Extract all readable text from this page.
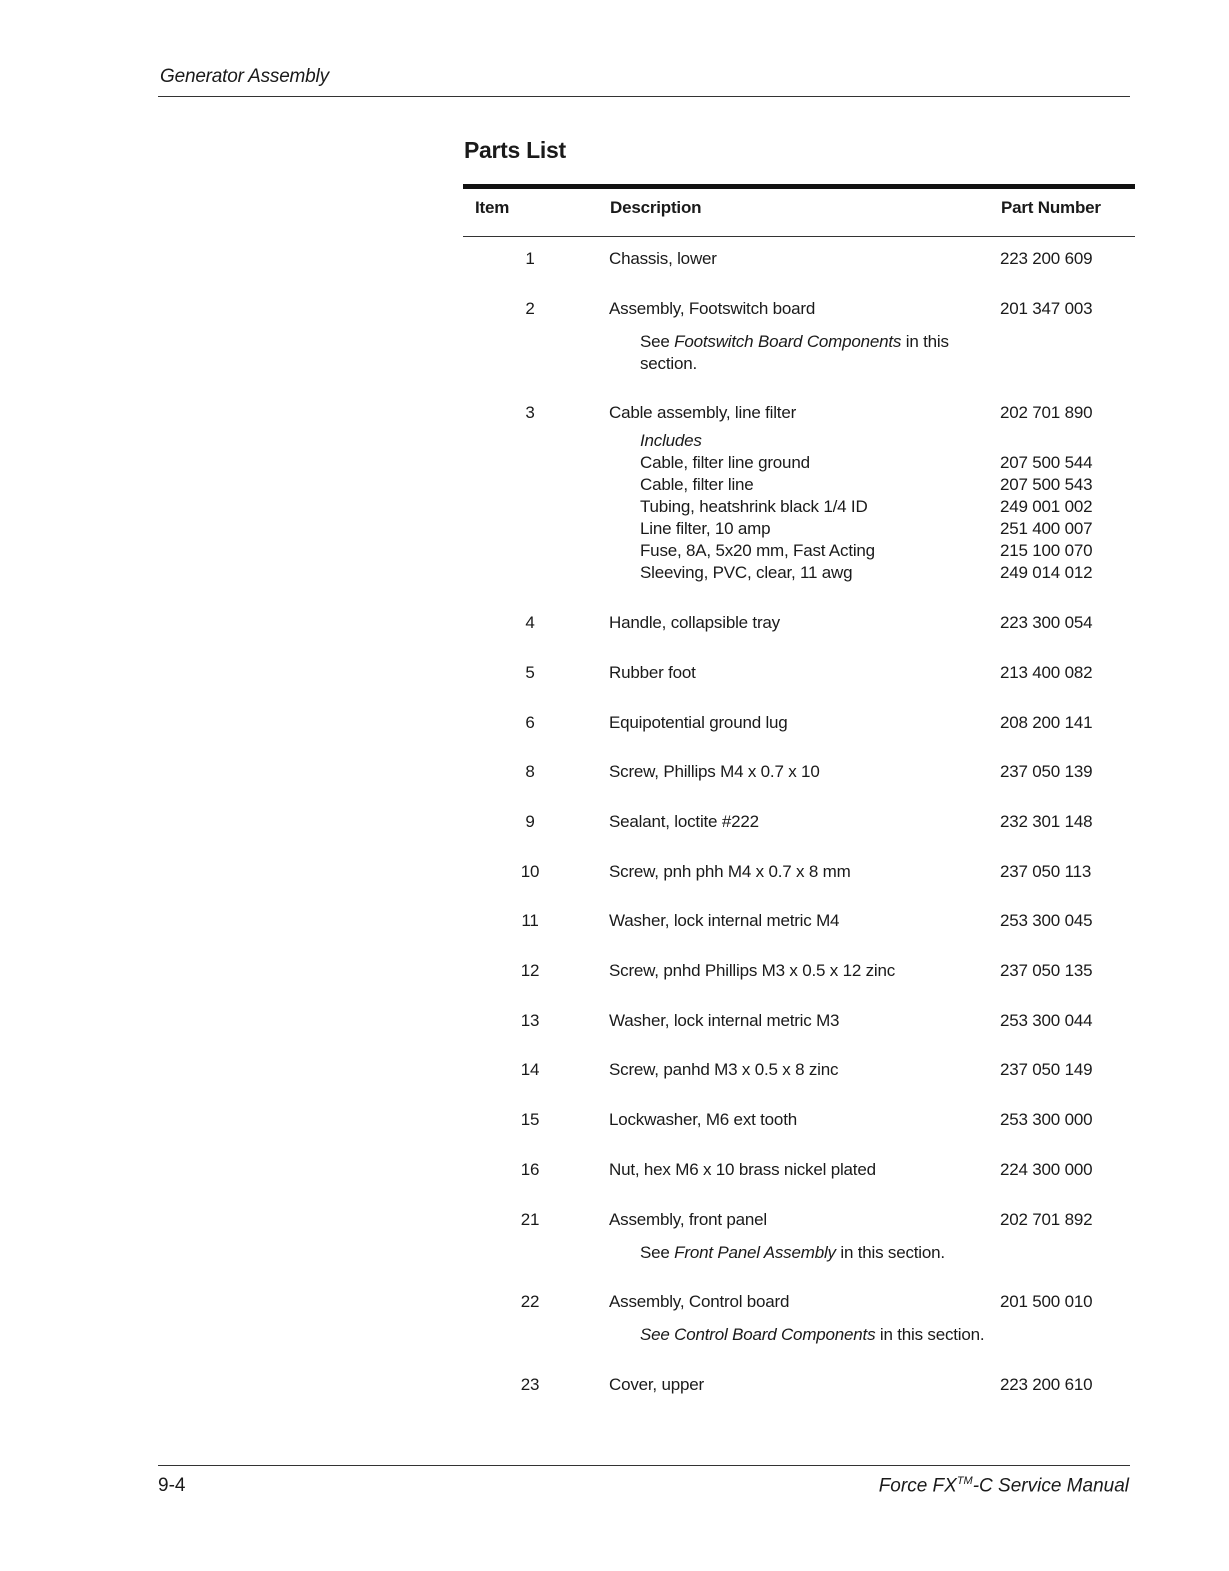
Generator Assembly
Parts List
Item	Description	Part Number
1	Chassis, lower	223 200 609
2	Assembly, Footswitch board	201 347 003
See Footswitch Board Components in this
section.
3	Cable assembly, line filter	202 701 890
Includes
Cable, filter line ground	207 500 544
Cable, filter line	207 500 543
Tubing, heatshrink black 1/4 ID	249 001 002
Line filter, 10 amp	251 400 007
Fuse, 8A, 5x20 mm, Fast Acting	215 100 070
Sleeving, PVC, clear, 11 awg	249 014 012
4	Handle, collapsible tray	223 300 054
5	Rubber foot	213 400 082
6	Equipotential ground lug	208 200 141
8	Screw, Phillips M4 x 0.7 x 10	237 050 139
9	Sealant, loctite #222	232 301 148
10	Screw, pnh phh M4 x 0.7 x 8 mm	237 050 113
11	Washer, lock internal metric M4	253 300 045
12	Screw, pnhd Phillips M3 x 0.5 x 12 zinc	237 050 135
13	Washer, lock internal metric M3	253 300 044
14	Screw, panhd M3 x 0.5 x 8 zinc	237 050 149
15	Lockwasher, M6 ext tooth	253 300 000
16	Nut, hex M6 x 10 brass nickel plated	224 300 000
21	Assembly, front panel	202 701 892
See Front Panel Assembly in this section.
22	Assembly, Control board	201 500 010
See Control Board Components in this section.
23	Cover, upper	223 200 610
9-4	Force FX™-C Service Manual
